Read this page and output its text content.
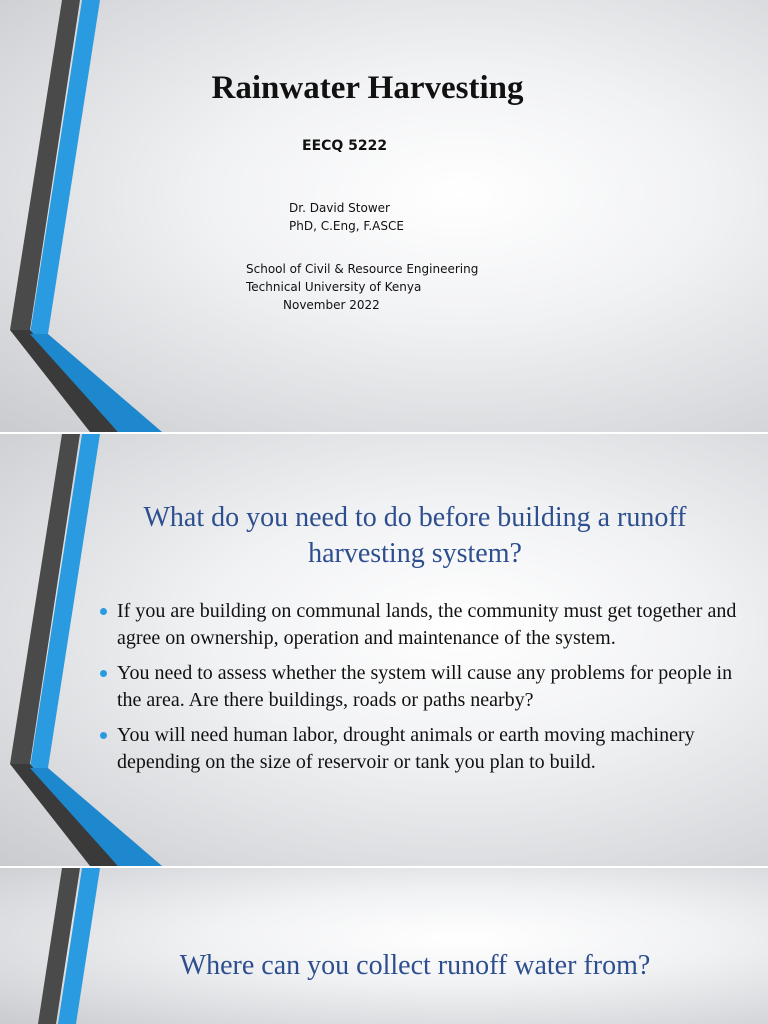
Rainwater Harvesting
EECQ 5222
Dr. David Stower
PhD, C.Eng, F.ASCE
School of Civil & Resource Engineering
Technical University of Kenya
November 2022
What do you need to do before building a runoff harvesting system?
If you are building on communal lands, the community must get together and agree on ownership, operation and maintenance of the system.
You need to assess whether the system will cause any problems for people in the area. Are there buildings, roads or paths nearby?
You will need human labor, drought animals or earth moving machinery depending on the size of reservoir or tank you plan to build.
Where can you collect runoff water from?
